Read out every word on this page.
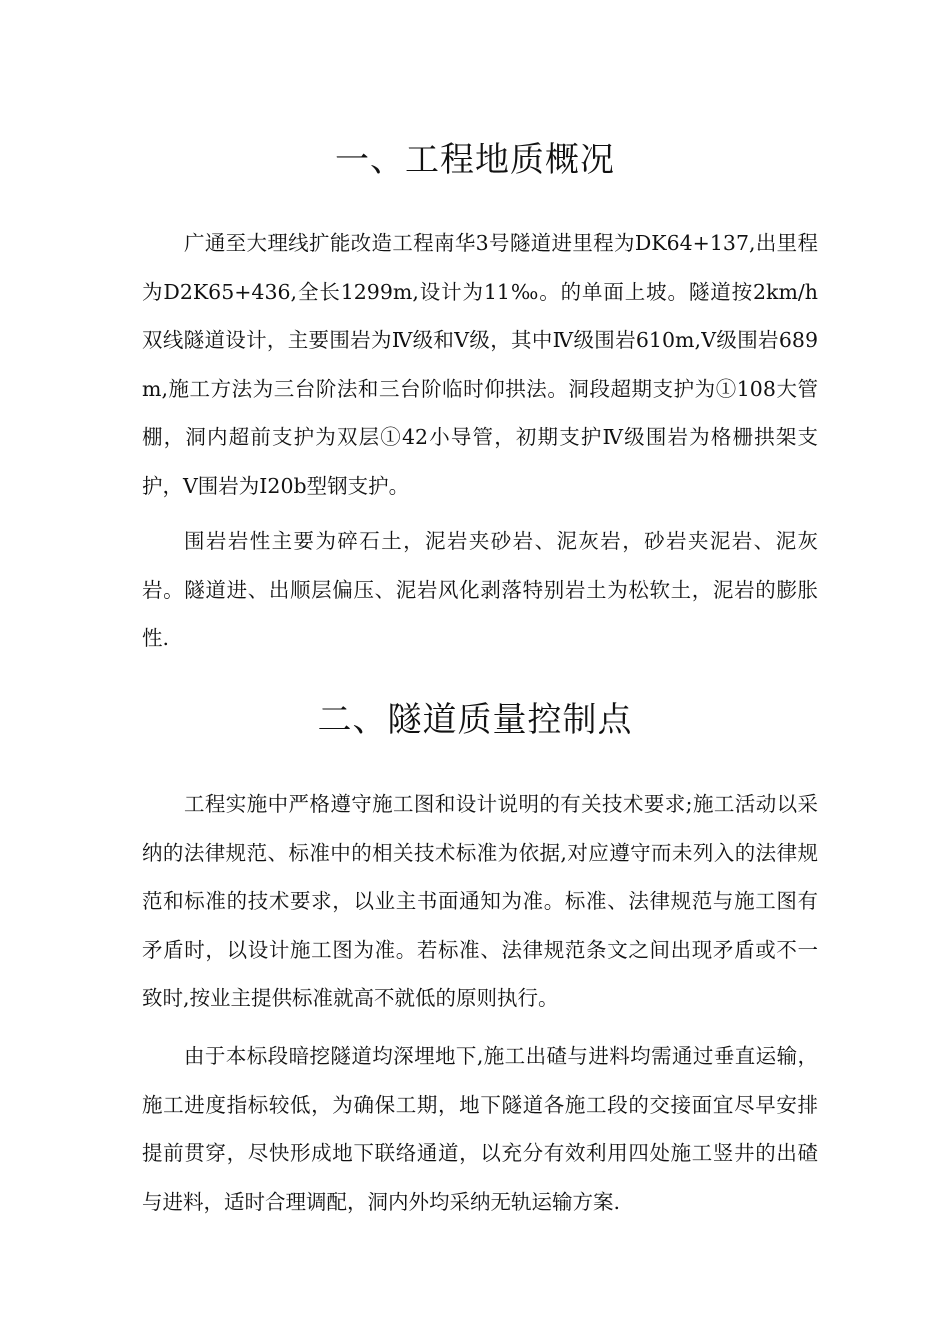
一、工程地质概况

广通至大理线扩能改造工程南华3号隧道进里程为DK64+137,出里程为D2K65+436,全长1299m,设计为11‰。的单面上坡。隧道按2km/h双线隧道设计，主要围岩为Ⅳ级和Ⅴ级，其中Ⅳ级围岩610m,Ⅴ级围岩689m,施工方法为三台阶法和三台阶临时仰拱法。洞段超期支护为①108大管棚，洞内超前支护为双层①42小导管，初期支护Ⅳ级围岩为格栅拱架支护，Ⅴ围岩为I20b型钢支护。

围岩岩性主要为碎石土，泥岩夹砂岩、泥灰岩，砂岩夹泥岩、泥灰岩。隧道进、出顺层偏压、泥岩风化剥落特别岩土为松软土，泥岩的膨胀性.

二、隧道质量控制点

工程实施中严格遵守施工图和设计说明的有关技术要求;施工活动以采纳的法律规范、标准中的相关技术标准为依据,对应遵守而未列入的法律规范和标准的技术要求，以业主书面通知为准。标准、法律规范与施工图有矛盾时，以设计施工图为准。若标准、法律规范条文之间出现矛盾或不一致时,按业主提供标准就高不就低的原则执行。

由于本标段暗挖隧道均深埋地下,施工出碴与进料均需通过垂直运输，施工进度指标较低，为确保工期，地下隧道各施工段的交接面宜尽早安排提前贯穿，尽快形成地下联络通道，以充分有效利用四处施工竖井的出碴与进料，适时合理调配，洞内外均采纳无轨运输方案.
